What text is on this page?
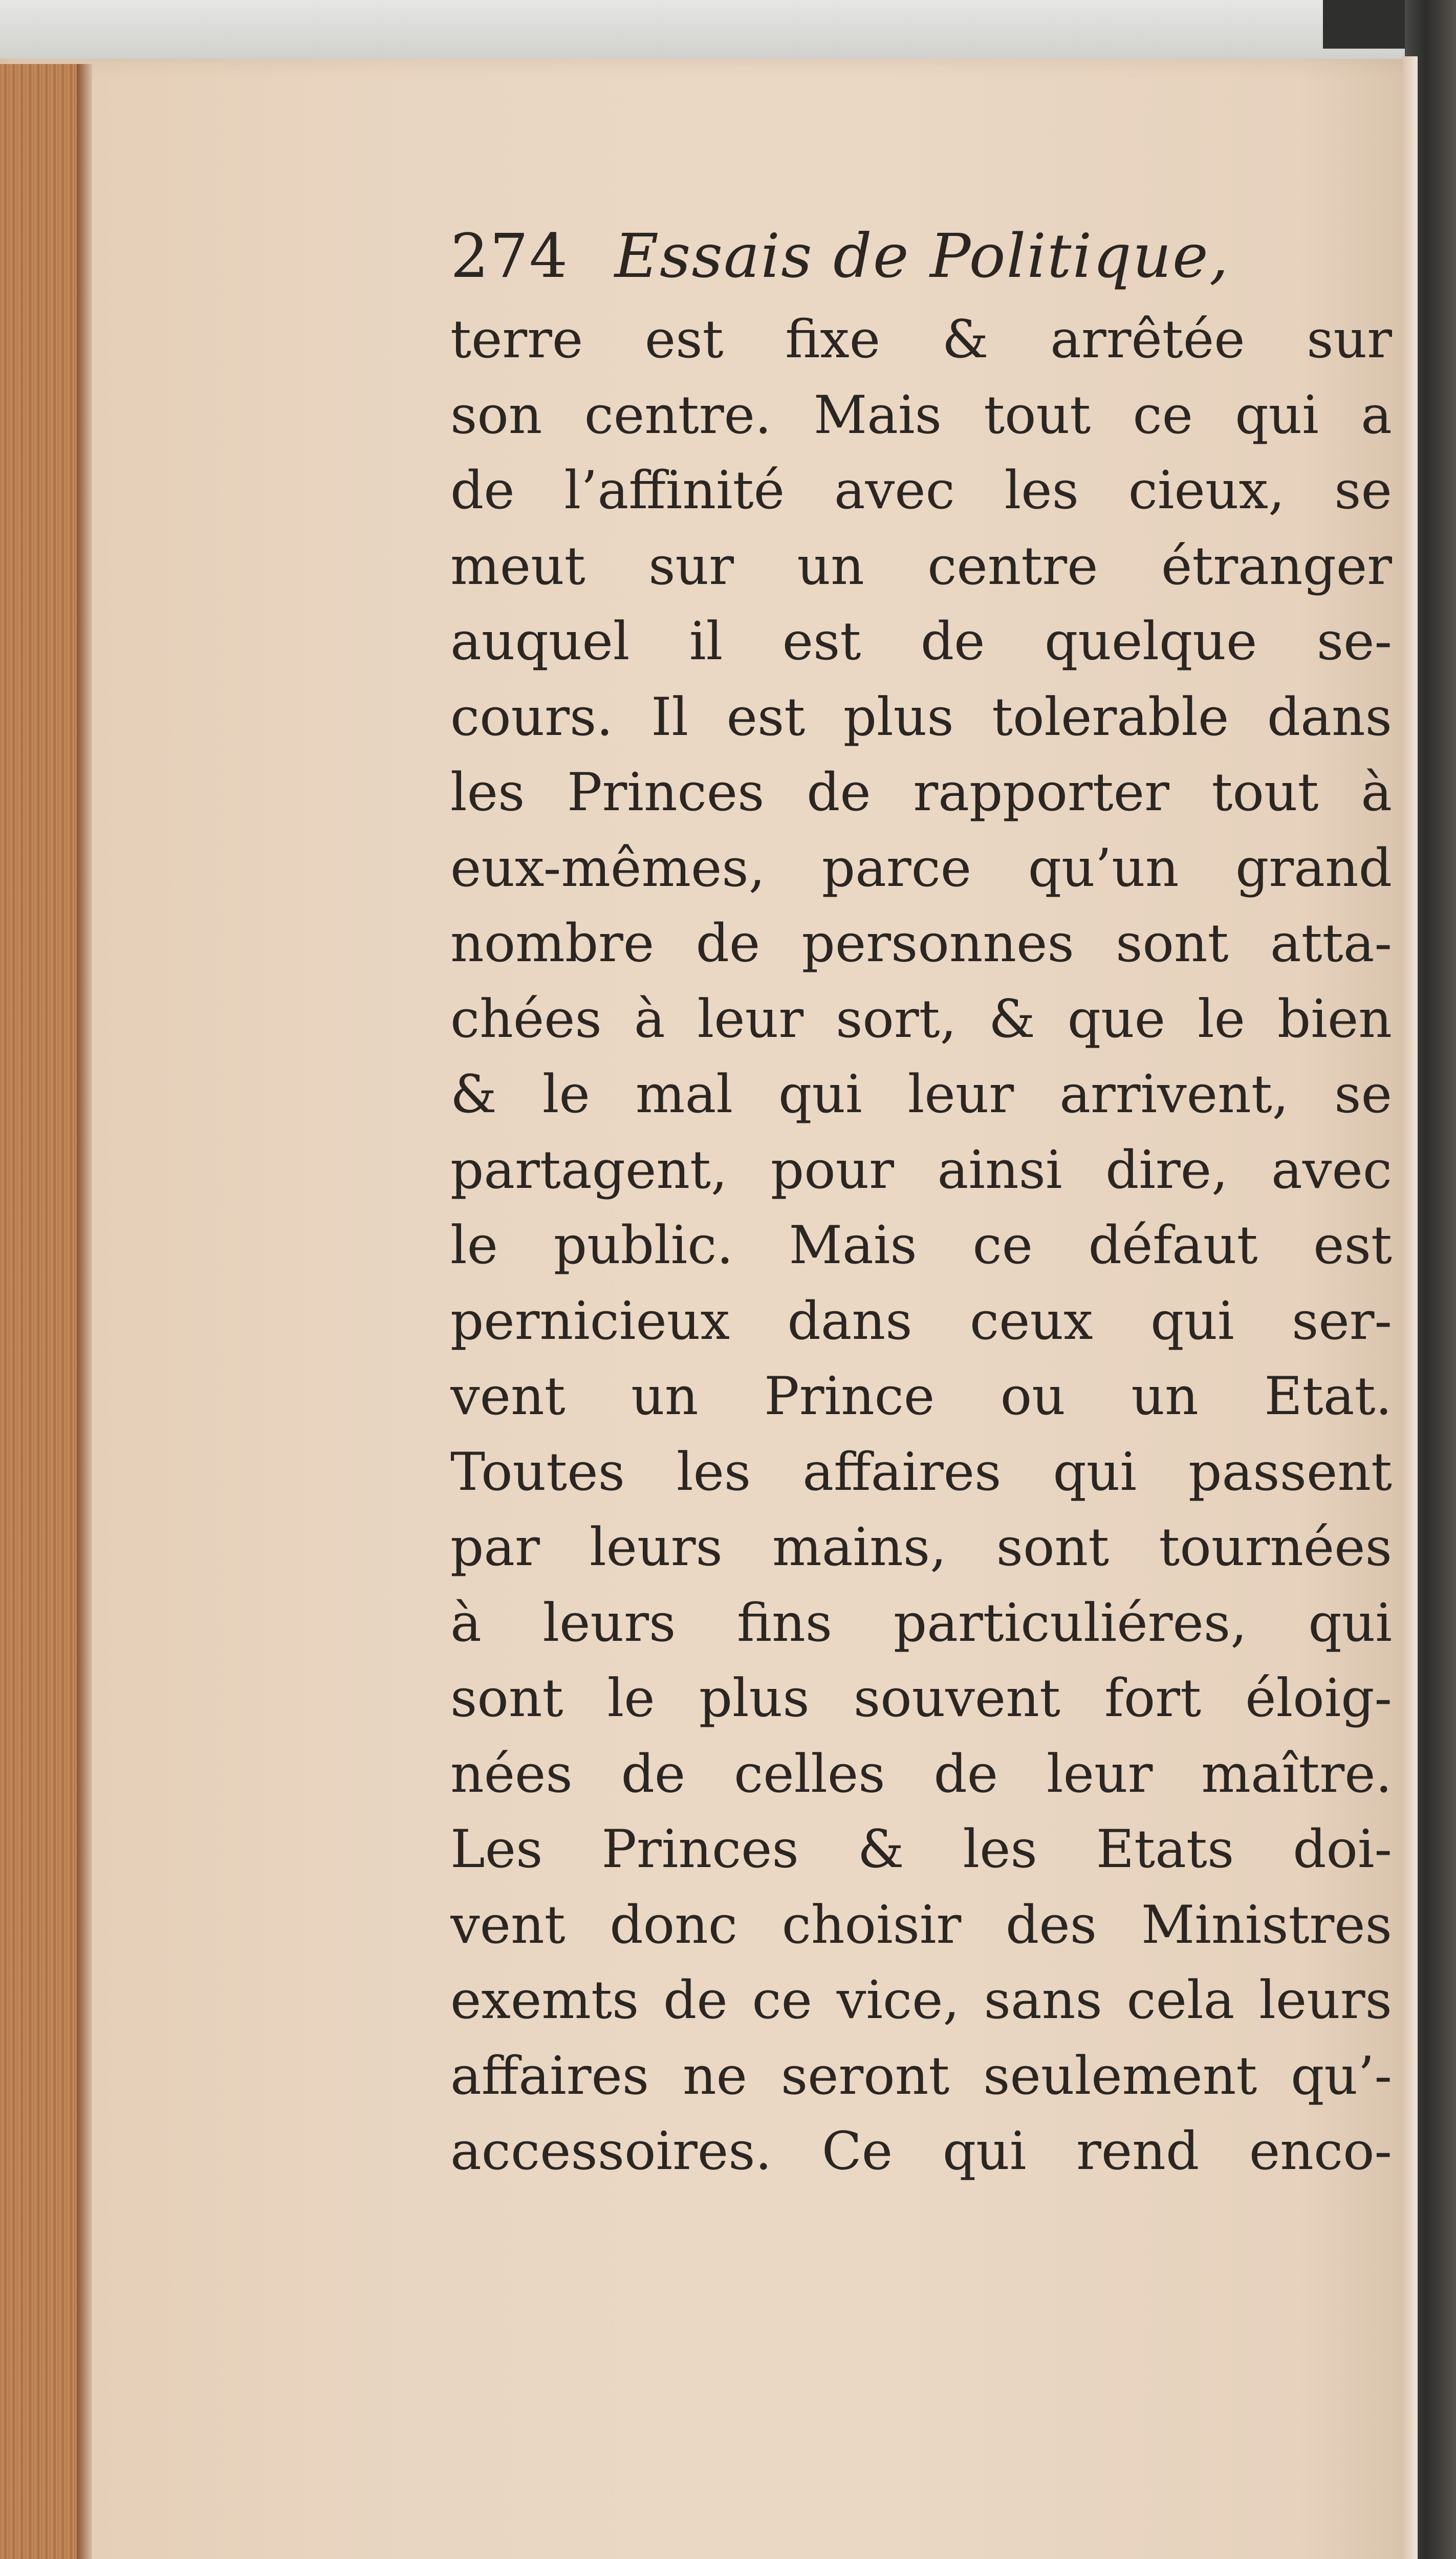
274 Essais de Politique,
terre est fixe & arrêtée sur
son centre. Mais tout ce qui a
de l’affinité avec les cieux, se
meut sur un centre étranger
auquel il est de quelque se-
cours. Il est plus tolerable dans
les Princes de rapporter tout à
eux-mêmes, parce qu’un grand
nombre de personnes sont atta-
chées à leur sort, & que le bien
& le mal qui leur arrivent, se
partagent, pour ainsi dire, avec
le public. Mais ce défaut est
pernicieux dans ceux qui ser-
vent un Prince ou un Etat.
Toutes les affaires qui passent
par leurs mains, sont tournées
à leurs fins particuliéres, qui
sont le plus souvent fort éloig-
nées de celles de leur maître.
Les Princes & les Etats doi-
vent donc choisir des Ministres
exemts de ce vice, sans cela leurs
affaires ne seront seulement qu’-
accessoires. Ce qui rend enco-
